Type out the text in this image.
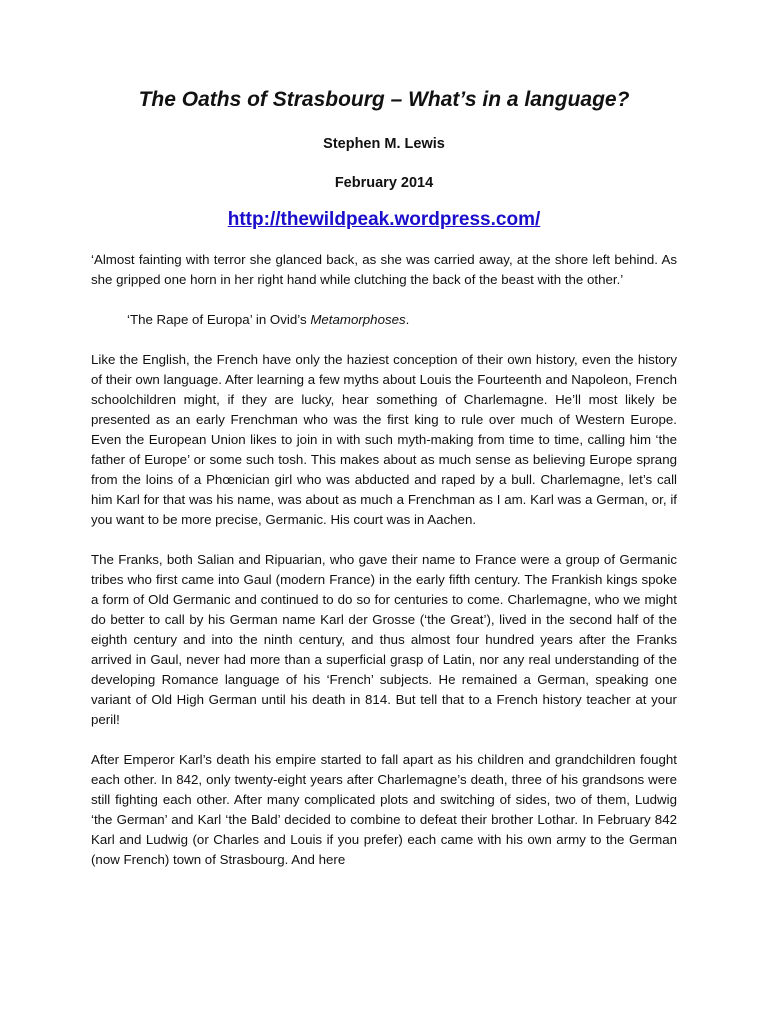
The Oaths of Strasbourg – What’s in a language?
Stephen M. Lewis
February 2014
http://thewildpeak.wordpress.com/

‘Almost fainting with terror she glanced back, as she was carried away, at the shore left behind. As she gripped one horn in her right hand while clutching the back of the beast with the other.’

‘The Rape of Europa’ in Ovid’s Metamorphoses.

Like the English, the French have only the haziest conception of their own history, even the history of their own language. After learning a few myths about Louis the Fourteenth and Napoleon, French schoolchildren might, if they are lucky, hear something of Charlemagne. He’ll most likely be presented as an early Frenchman who was the first king to rule over much of Western Europe. Even the European Union likes to join in with such myth-making from time to time, calling him ‘the father of Europe’ or some such tosh. This makes about as much sense as believing Europe sprang from the loins of a Phœnician girl who was abducted and raped by a bull. Charlemagne, let’s call him Karl for that was his name, was about as much a Frenchman as I am. Karl was a German, or, if you want to be more precise, Germanic. His court was in Aachen.

The Franks, both Salian and Ripuarian, who gave their name to France were a group of Germanic tribes who first came into Gaul (modern France) in the early fifth century. The Frankish kings spoke a form of Old Germanic and continued to do so for centuries to come. Charlemagne, who we might do better to call by his German name Karl der Grosse (‘the Great’), lived in the second half of the eighth century and into the ninth century, and thus almost four hundred years after the Franks arrived in Gaul, never had more than a superficial grasp of Latin, nor any real understanding of the developing Romance language of his ‘French’ subjects. He remained a German, speaking one variant of Old High German until his death in 814. But tell that to a French history teacher at your peril!

After Emperor Karl’s death his empire started to fall apart as his children and grandchildren fought each other. In 842, only twenty-eight years after Charlemagne’s death, three of his grandsons were still fighting each other. After many complicated plots and switching of sides, two of them, Ludwig ‘the German’ and Karl ‘the Bald’ decided to combine to defeat their brother Lothar. In February 842 Karl and Ludwig (or Charles and Louis if you prefer) each came with his own army to the German (now French) town of Strasbourg. And here
